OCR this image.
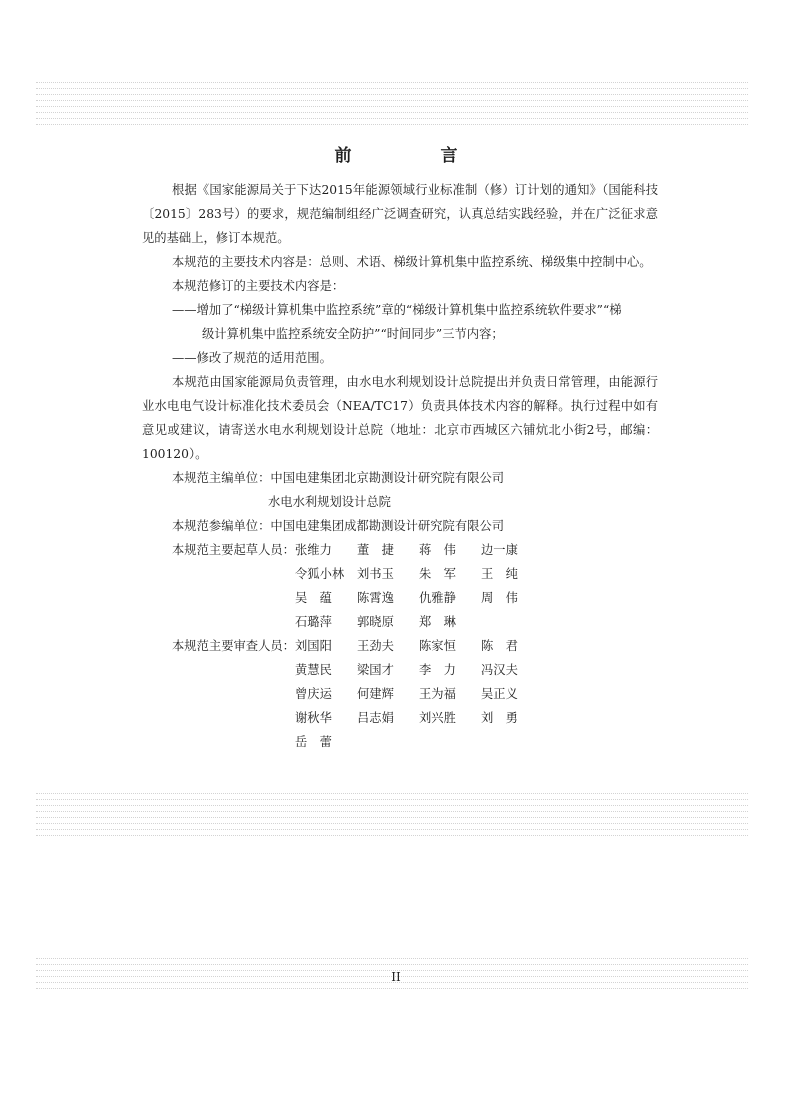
前　言
根据《国家能源局关于下达2015年能源领域行业标准制（修）订计划的通知》（国能科技〔2015〕283号）的要求，规范编制组经广泛调查研究，认真总结实践经验，并在广泛征求意见的基础上，修订本规范。
本规范的主要技术内容是：总则、术语、梯级计算机集中监控系统、梯级集中控制中心。
本规范修订的主要技术内容是：
——增加了“梯级计算机集中监控系统”章的“梯级计算机集中监控系统软件要求”“梯
级计算机集中监控系统安全防护”“时间同步”三节内容；
——修改了规范的适用范围。
本规范由国家能源局负责管理，由水电水利规划设计总院提出并负责日常管理，由能源行业水电电气设计标准化技术委员会（NEA/TC17）负责具体技术内容的解释。执行过程中如有意见或建议，请寄送水电水利规划设计总院（地址：北京市西城区六铺炕北小街2号，邮编：100120）。
本规范主编单位： 中国电建集团北京勘测设计研究院有限公司
水电水利规划设计总院
本规范参编单位： 中国电建集团成都勘测设计研究院有限公司
本规范主要起草人员： 张维力	董　捷	蒋　伟	边一康
令狐小林	刘书玉	朱　军	王　纯
吴　蕴	陈霄逸	仇雅静	周　伟
石璐萍	郭晓原	郑　琳
本规范主要审查人员： 刘国阳	王劲夫	陈家恒	陈　君
黄慧民	梁国才	李　力	冯汉夫
曾庆运	何建辉	王为福	吴正义
谢秋华	吕志娟	刘兴胜	刘　勇
岳　蕾
II
